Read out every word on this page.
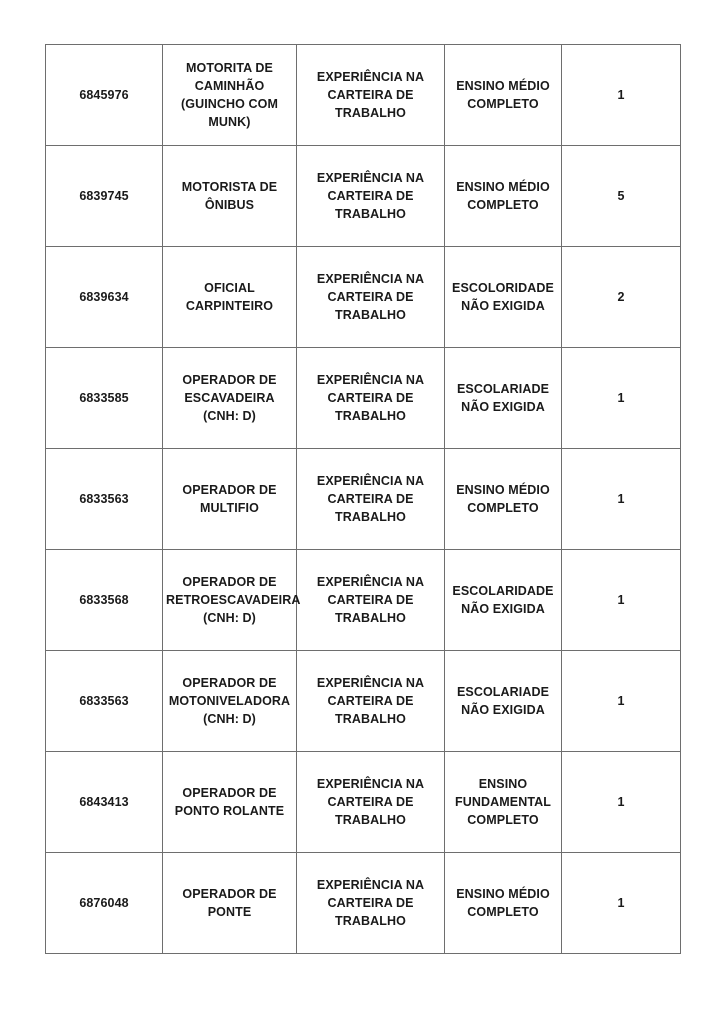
6845976	MOTORITA DE CAMINHÃO (GUINCHO COM MUNK)	EXPERIÊNCIA NA CARTEIRA DE TRABALHO	ENSINO MÉDIO COMPLETO	1
6839745	MOTORISTA DE ÔNIBUS	EXPERIÊNCIA NA CARTEIRA DE TRABALHO	ENSINO MÉDIO COMPLETO	5
6839634	OFICIAL CARPINTEIRO	EXPERIÊNCIA NA CARTEIRA DE TRABALHO	ESCOLORIDADE NÃO EXIGIDA	2
6833585	OPERADOR DE ESCAVADEIRA (CNH: D)	EXPERIÊNCIA NA CARTEIRA DE TRABALHO	ESCOLARIADE NÃO EXIGIDA	1
6833563	OPERADOR DE MULTIFIO	EXPERIÊNCIA NA CARTEIRA DE TRABALHO	ENSINO MÉDIO COMPLETO	1
6833568	OPERADOR DE RETROESCAVADEIRA (CNH: D)	EXPERIÊNCIA NA CARTEIRA DE TRABALHO	ESCOLARIDADE NÃO EXIGIDA	1
6833563	OPERADOR DE MOTONIVELADORA (CNH: D)	EXPERIÊNCIA NA CARTEIRA DE TRABALHO	ESCOLARIADE NÃO EXIGIDA	1
6843413	OPERADOR DE PONTO ROLANTE	EXPERIÊNCIA NA CARTEIRA DE TRABALHO	ENSINO FUNDAMENTAL COMPLETO	1
6876048	OPERADOR DE PONTE	EXPERIÊNCIA NA CARTEIRA DE TRABALHO	ENSINO MÉDIO COMPLETO	1
